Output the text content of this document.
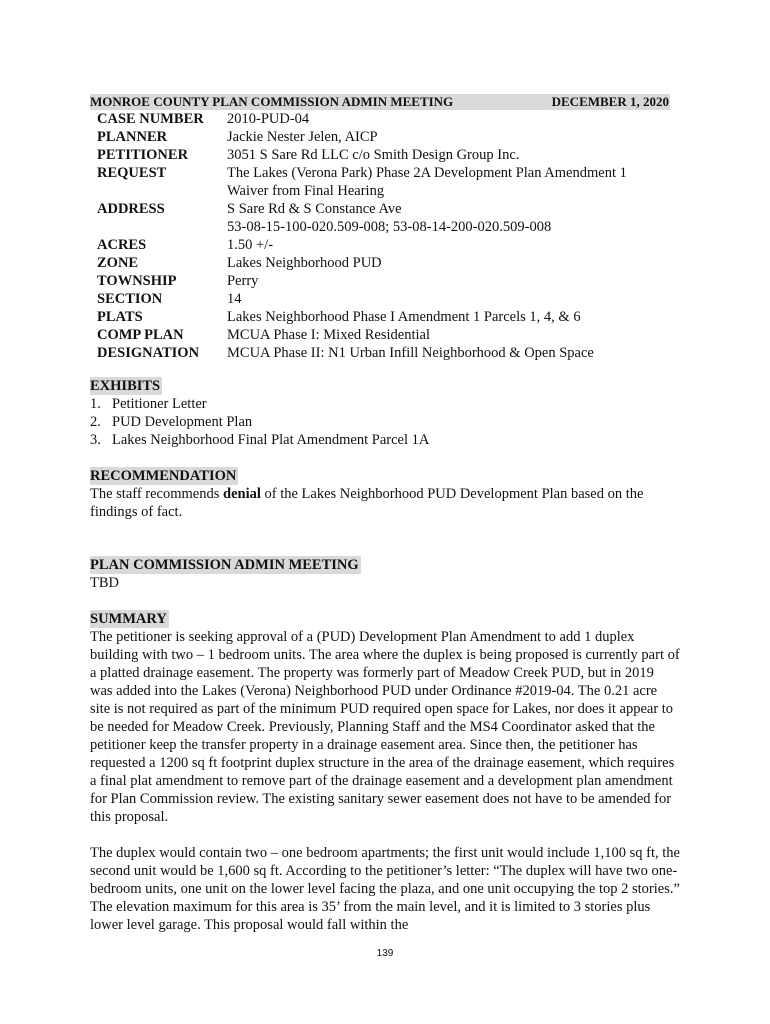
MONROE COUNTY PLAN COMMISSION ADMIN MEETING	DECEMBER 1, 2020
CASE NUMBER	2010-PUD-04
PLANNER	Jackie Nester Jelen, AICP
PETITIONER	3051 S Sare Rd LLC c/o Smith Design Group Inc.
REQUEST	The Lakes (Verona Park) Phase 2A Development Plan Amendment 1
Waiver from Final Hearing
ADDRESS	S Sare Rd & S Constance Ave
53-08-15-100-020.509-008; 53-08-14-200-020.509-008
ACRES	1.50 +/-
ZONE	Lakes Neighborhood PUD
TOWNSHIP	Perry
SECTION	14
PLATS	Lakes Neighborhood Phase I Amendment 1 Parcels 1, 4, & 6
COMP PLAN	MCUA Phase I: Mixed Residential
DESIGNATION	MCUA Phase II: N1 Urban Infill Neighborhood & Open Space
EXHIBITS
1. Petitioner Letter
2. PUD Development Plan
3. Lakes Neighborhood Final Plat Amendment Parcel 1A
RECOMMENDATION

The staff recommends denial of the Lakes Neighborhood PUD Development Plan based on the findings of fact.

PLAN COMMISSION ADMIN MEETING

TBD

SUMMARY

The petitioner is seeking approval of a (PUD) Development Plan Amendment to add 1 duplex building with two – 1 bedroom units. The area where the duplex is being proposed is currently part of a platted drainage easement. The property was formerly part of Meadow Creek PUD, but in 2019 was added into the Lakes (Verona) Neighborhood PUD under Ordinance #2019-04. The 0.21 acre site is not required as part of the minimum PUD required open space for Lakes, nor does it appear to be needed for Meadow Creek. Previously, Planning Staff and the MS4 Coordinator asked that the petitioner keep the transfer property in a drainage easement area. Since then, the petitioner has requested a 1200 sq ft footprint duplex structure in the area of the drainage easement, which requires a final plat amendment to remove part of the drainage easement and a development plan amendment for Plan Commission review. The existing sanitary sewer easement does not have to be amended for this proposal.

The duplex would contain two – one bedroom apartments; the first unit would include 1,100 sq ft, the second unit would be 1,600 sq ft. According to the petitioner’s letter: “The duplex will have two one-bedroom units, one unit on the lower level facing the plaza, and one unit occupying the top 2 stories.” The elevation maximum for this area is 35’ from the main level, and it is limited to 3 stories plus lower level garage. This proposal would fall within the

139
